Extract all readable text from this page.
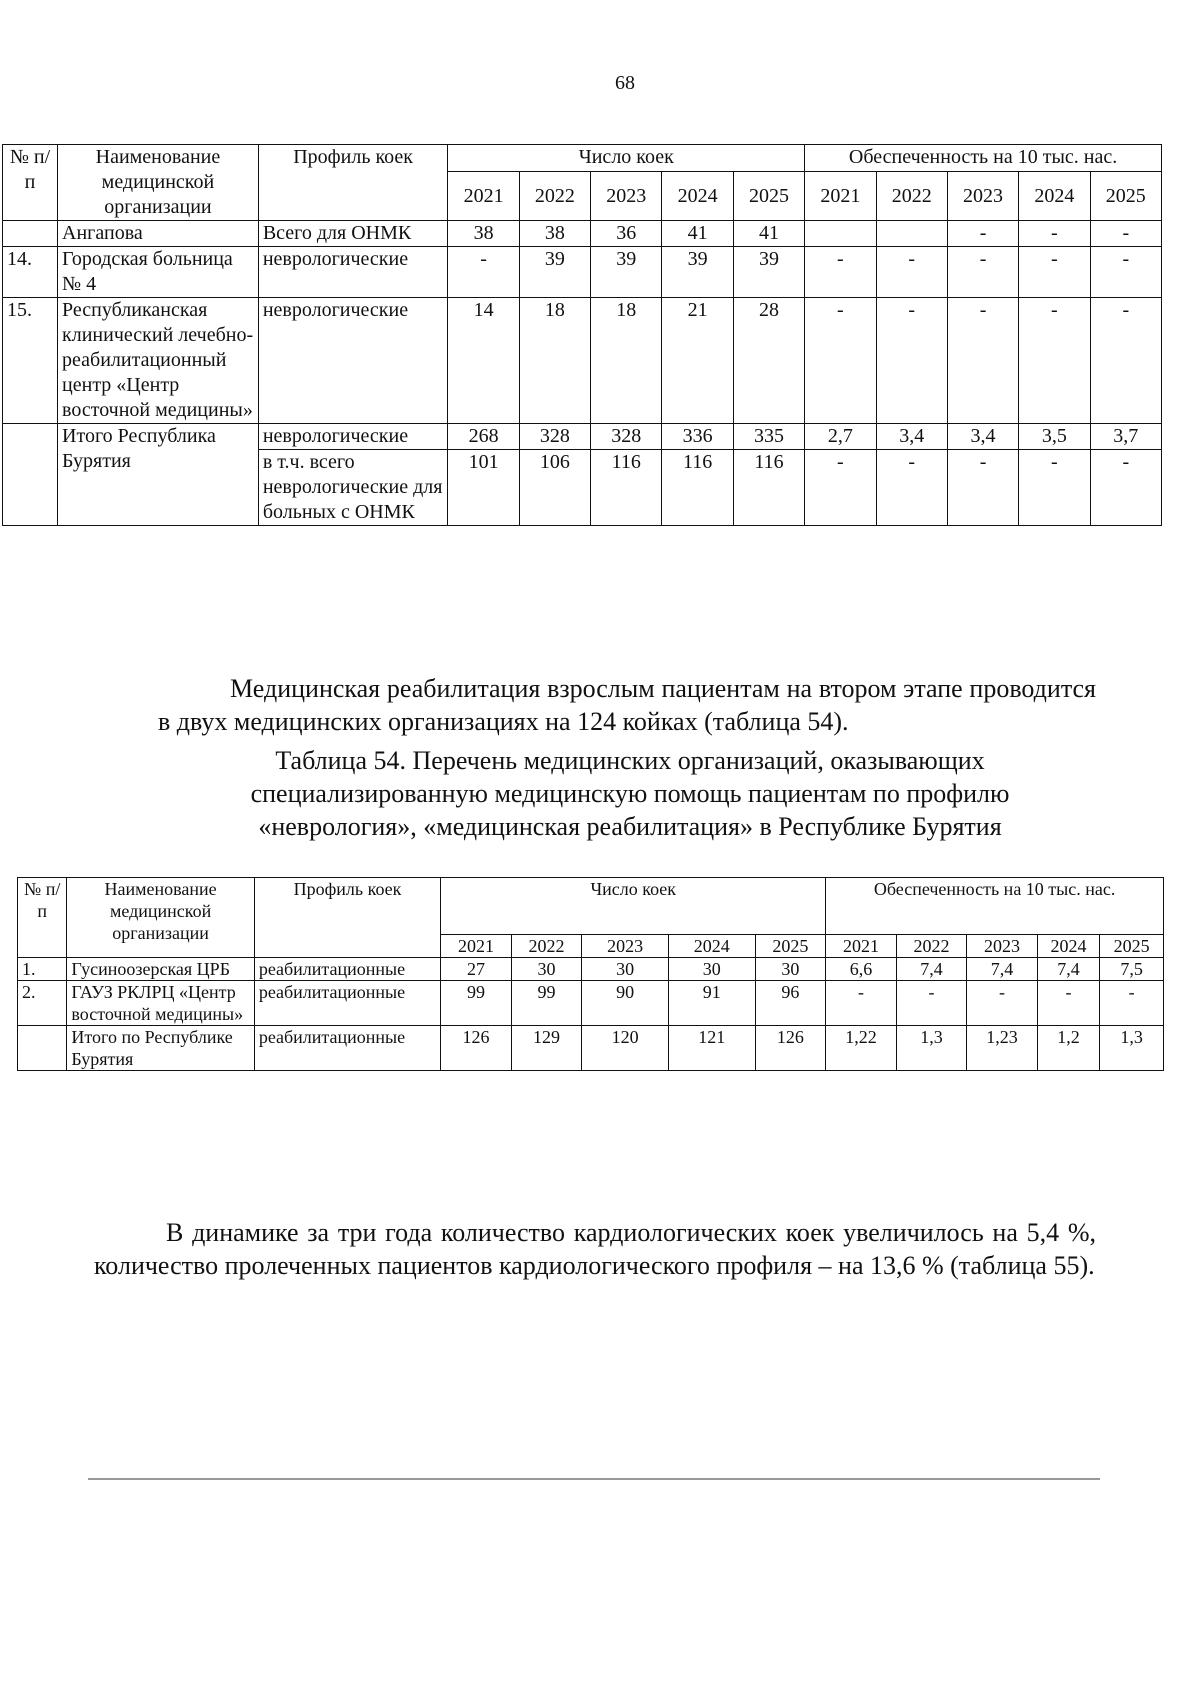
68
№ п/п	Наименование медицинской организации	Профиль коек	Число коек					Обеспеченность на 10 тыс. нас.				
			2021	2022	2023	2024	2025	2021	2022	2023	2024	2025
	Ангапова	Всего для ОНМК	38	38	36	41	41			-	-	-
14.	Городская больница № 4	неврологические	-	39	39	39	39	-	-	-	-	-
15.	Республиканская клинический лечебно-реабилитационный центр «Центр восточной медицины»	неврологические	14	18	18	21	28	-	-	-	-	-
	Итого Республика Бурятия	неврологические	268	328	328	336	335	2,7	3,4	3,4	3,5	3,7
		в т.ч. всего неврологические для больных с ОНМК	101	106	116	116	116	-	-	-	-	-

Медицинская реабилитация взрослым пациентам на втором этапе проводится в двух медицинских организациях на 124 койках (таблица 54).

Таблица 54. Перечень медицинских организаций, оказывающих специализированную медицинскую помощь пациентам по профилю «неврология», «медицинская реабилитация» в Республике Бурятия
№ п/п	Наименование медицинской организации	Профиль коек	Число коек					Обеспеченность на 10 тыс. нас.				
			2021	2022	2023	2024	2025	2021	2022	2023	2024	2025
1.	Гусиноозерская ЦРБ	реабилитационные	27	30	30	30	30	6,6	7,4	7,4	7,4	7,5
2.	ГАУЗ РКЛРЦ «Центр восточной медицины»	реабилитационные	99	99	90	91	96	-	-	-	-	-
	Итого по Республике Бурятия	реабилитационные	126	129	120	121	126	1,22	1,3	1,23	1,2	1,3

В динамике за три года количество кардиологических коек увеличилось на 5,4 %, количество пролеченных пациентов кардиологического профиля – на 13,6 % (таблица 55).
